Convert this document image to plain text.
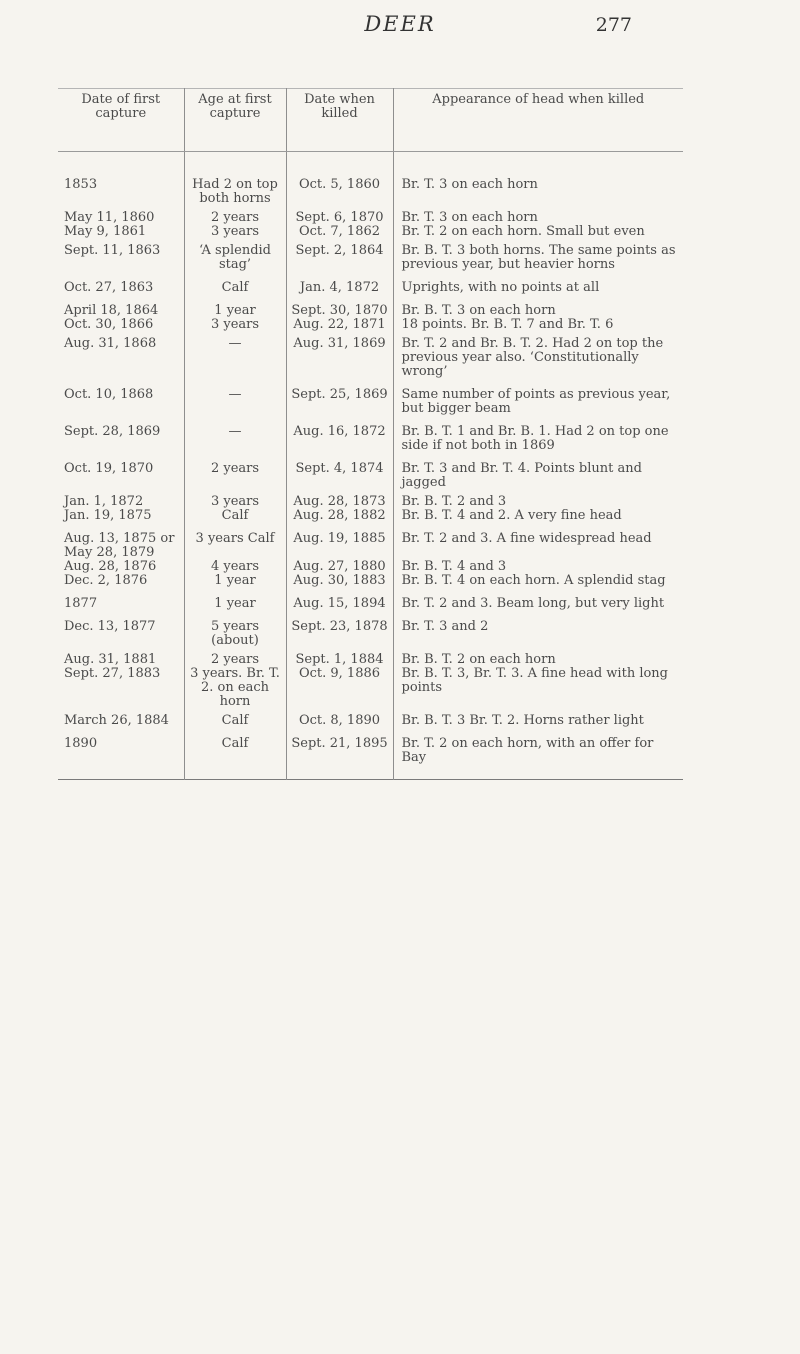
DEER	277
Date of first capture	Age at first capture	Date when killed	Appearance of head when killed
1853	Had 2 on top both horns	Oct. 5, 1860	Br. T. 3 on each horn
May 11, 1860	2 years	Sept. 6, 1870	Br. T. 3 on each horn
May 9, 1861	3 years	Oct. 7, 1862	Br. T. 2 on each horn. Small but even
Sept. 11, 1863	‘A splendid stag’	Sept. 2, 1864	Br. B. T. 3 both horns. The same points as previous year, but heavier horns
Oct. 27, 1863	Calf	Jan. 4, 1872	Uprights, with no points at all
April 18, 1864	1 year	Sept. 30, 1870	Br. B. T. 3 on each horn
Oct. 30, 1866	3 years	Aug. 22, 1871	18 points. Br. B. T. 7 and Br. T. 6
Aug. 31, 1868	—	Aug. 31, 1869	Br. T. 2 and Br. B. T. 2. Had 2 on top the previous year also. ‘Constitutionally wrong’
Oct. 10, 1868	—	Sept. 25, 1869	Same number of points as previous year, but bigger beam
Sept. 28, 1869	—	Aug. 16, 1872	Br. B. T. 1 and Br. B. 1. Had 2 on top one side if not both in 1869
Oct. 19, 1870	2 years	Sept. 4, 1874	Br. T. 3 and Br. T. 4. Points blunt and jagged
Jan. 1, 1872	3 years	Aug. 28, 1873	Br. B. T. 2 and 3
Jan. 19, 1875	Calf	Aug. 28, 1882	Br. B. T. 4 and 2. A very fine head
Aug. 13, 1875 or May 28, 1879	3 years Calf	Aug. 19, 1885	Br. T. 2 and 3. A fine widespread head
Aug. 28, 1876	4 years	Aug. 27, 1880	Br. B. T. 4 and 3
Dec. 2, 1876	1 year	Aug. 30, 1883	Br. B. T. 4 on each horn. A splendid stag
1877	1 year	Aug. 15, 1894	Br. T. 2 and 3. Beam long, but very light
Dec. 13, 1877	5 years (about)	Sept. 23, 1878	Br. T. 3 and 2
Aug. 31, 1881	2 years	Sept. 1, 1884	Br. B. T. 2 on each horn
Sept. 27, 1883	3 years. Br. T. 2. on each horn	Oct. 9, 1886	Br. B. T. 3, Br. T. 3. A fine head with long points
March 26, 1884	Calf	Oct. 8, 1890	Br. B. T. 3 Br. T. 2. Horns rather light
1890	Calf	Sept. 21, 1895	Br. T. 2 on each horn, with an offer for Bay
